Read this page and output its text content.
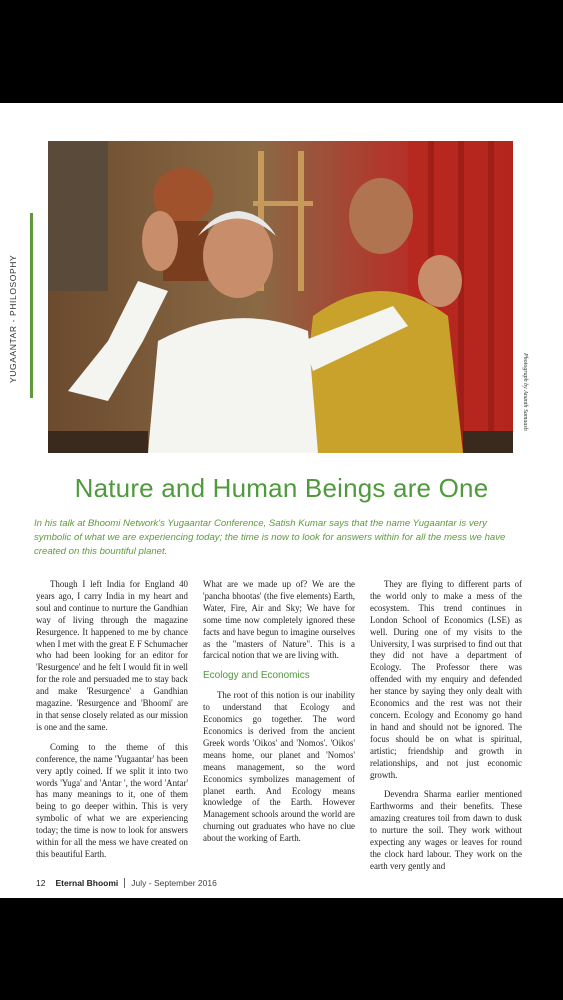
YUGAANTAR - PHILOSOPHY
Photograph by Ananth Samuash
Nature and Human Beings are One
In his talk at Bhoomi Network's Yugaantar Conference, Satish Kumar says that the name Yugaantar is very symbolic of what we are experiencing today; the time is now to look for answers within for all the mess we have created on this bountiful planet.

Though I left India for England 40 years ago, I carry India in my heart and soul and continue to nurture the Gandhian way of living through the magazine Resurgence. It happened to me by chance when I met with the great E F Schumacher who had been looking for an editor for 'Resurgence' and he felt I would fit in well for the role and persuaded me to stay back and make 'Resurgence' a Gandhian magazine. 'Resurgence and 'Bhoomi' are in that sense closely related as our mission is one and the same.

Coming to the theme of this conference, the name 'Yugaantar' has been very aptly coined. If we split it into two words 'Yuga' and 'Antar ', the word 'Antar' has many meanings to it, one of them being to go deeper within. This is very symbolic of what we are experiencing today; the time is now to look for answers within for all the mess we have created on this beautiful Earth.

What are we made up of? We are the 'pancha bhootas' (the five elements) Earth, Water, Fire, Air and Sky; We have for some time now completely ignored these facts and have begun to imagine ourselves as the "masters of Nature". This is a farcical notion that we are living with.

Ecology and Economics

The root of this notion is our inability to understand that Ecology and Economics go together. The word Economics is derived from the ancient Greek words 'Oikos' and 'Nomos'. 'Oikos' means home, our planet and 'Nomos' means management, so the word Economics symbolizes management of planet earth. And Ecology means knowledge of the Earth. However Management schools around the world are churning out graduates who have no clue about the working of Earth.

They are flying to different parts of the world only to make a mess of the ecosystem. This trend continues in London School of Economics (LSE) as well. During one of my visits to the University, I was surprised to find out that they did not have a department of Ecology. The Professor there was offended with my enquiry and defended her stance by saying they only dealt with Economics and the rest was not their concern. Ecology and Economy go hand in hand and should not be ignored. The focus should be on what is spiritual, artistic; friendship and growth in relationships, and not just economic growth.

Devendra Sharma earlier mentioned Earthworms and their benefits. These amazing creatures toil from dawn to dusk to nurture the soil. They work without expecting any wages or leaves for round the clock hard labour. They work on the earth very gently and

12 Eternal Bhoomi July - September 2016
